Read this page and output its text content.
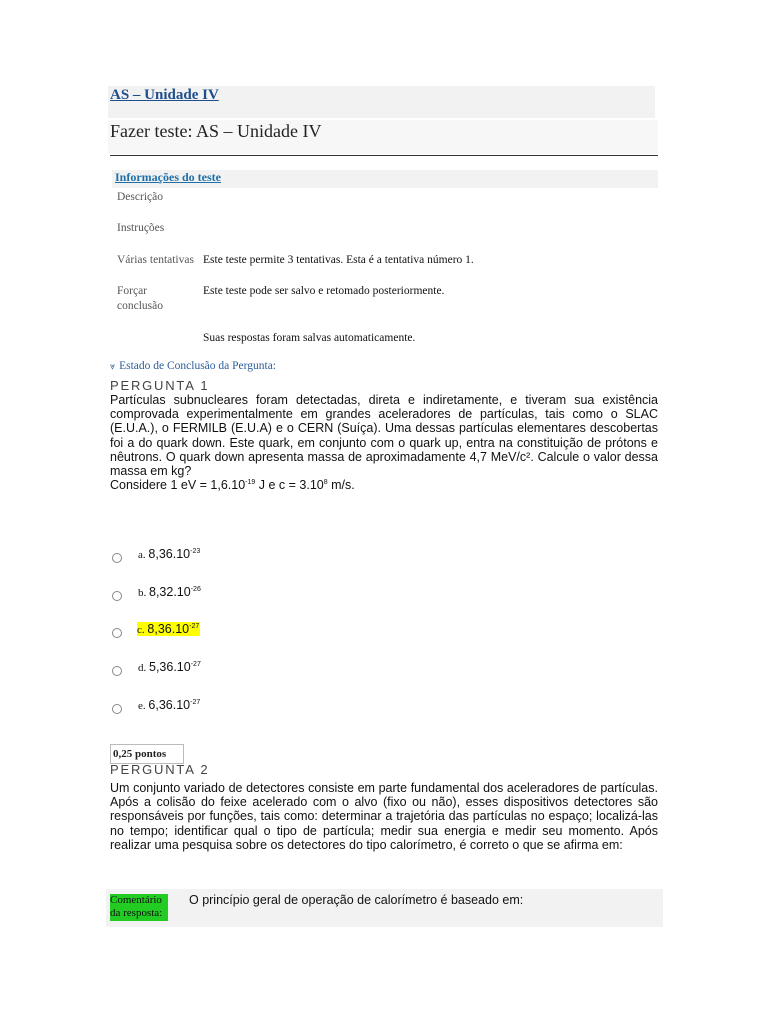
AS – Unidade IV
Fazer teste: AS – Unidade IV
Informações do teste
Descrição
Instruções
Várias tentativas Este teste permite 3 tentativas. Esta é a tentativa número 1.
Forçar conclusão
Este teste pode ser salvo e retomado posteriormente.
Suas respostas foram salvas automaticamente.
⩔ Estado de Conclusão da Pergunta:
PERGUNTA 1
Partículas subnucleares foram detectadas, direta e indiretamente, e tiveram sua existência comprovada experimentalmente em grandes aceleradores de partículas, tais como o SLAC (E.U.A.), o FERMILB (E.U.A) e o CERN (Suíça). Uma dessas partículas elementares descobertas foi a do quark down. Este quark, em conjunto com o quark up, entra na constituição de prótons e nêutrons. O quark down apresenta massa de aproximadamente 4,7 MeV/c². Calcule o valor dessa massa em kg?
Considere 1 eV = $1,6.10^{-19}$ J e $c = 3.10^8$ m/s.
a. $8,36.10^{-23}$
b. $8,32.10^{-26}$
c. $8,36.10^{-27}$
d. $5,36.10^{-27}$
e. $6,36.10^{-27}$
0,25 pontos
PERGUNTA 2
Um conjunto variado de detectores consiste em parte fundamental dos aceleradores de partículas. Após a colisão do feixe acelerado com o alvo (fixo ou não), esses dispositivos detectores são responsáveis por funções, tais como: determinar a trajetória das partículas no espaço; localizá-las no tempo; identificar qual o tipo de partícula; medir sua energia e medir seu momento. Após realizar uma pesquisa sobre os detectores do tipo calorímetro, é correto o que se afirma em:
Comentário da resposta:
O princípio geral de operação de calorímetro é baseado em:
